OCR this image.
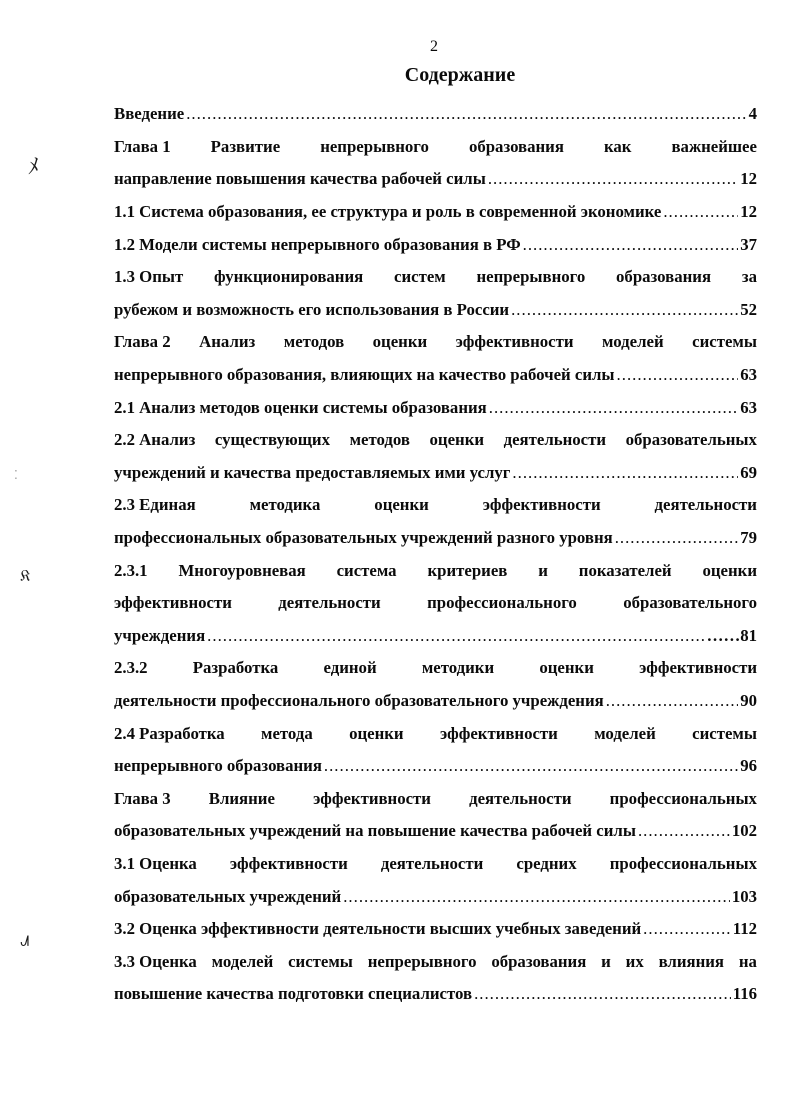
2
Содержание
Введение .....	4
Глава 1 Развитие непрерывного образования как важнейшее
направление повышения качества рабочей силы .....	12
1.1 Система образования, ее структура и роль в современной экономике .....	12
1.2 Модели системы непрерывного образования в РФ .....	37
1.3 Опыт функционирования систем непрерывного образования за
рубежом и возможность его использования в России .....	52
Глава 2 Анализ методов оценки эффективности моделей системы
непрерывного образования, влияющих на качество рабочей силы .....	63
2.1 Анализ методов оценки системы образования .....	63
2.2 Анализ существующих методов оценки деятельности образовательных
учреждений и качества предоставляемых ими услуг .....	69
2.3 Единая	методика	оценки	эффективности	деятельности
профессиональных образовательных учреждений разного уровня .....	79
2.3.1 Многоуровневая система критериев и показателей оценки
эффективности	деятельности	профессионального	образовательного
учреждения .....	……81
2.3.2	Разработка	единой	методики	оценки	эффективности
деятельности профессионального образовательного учреждения .....	90
2.4 Разработка метода оценки эффективности моделей системы
непрерывного образования .....	96
Глава 3 Влияние эффективности деятельности профессиональных
образовательных учреждений на повышение качества рабочей силы .....	102
3.1 Оценка эффективности деятельности средних профессиональных
образовательных учреждений .....	103
3.2 Оценка эффективности деятельности высших учебных заведений .....	112
3.3 Оценка моделей системы непрерывного образования и их влияния на
повышение качества подготовки специалистов .....	116
ﾒ
⁚
𝔎
ᗂ
